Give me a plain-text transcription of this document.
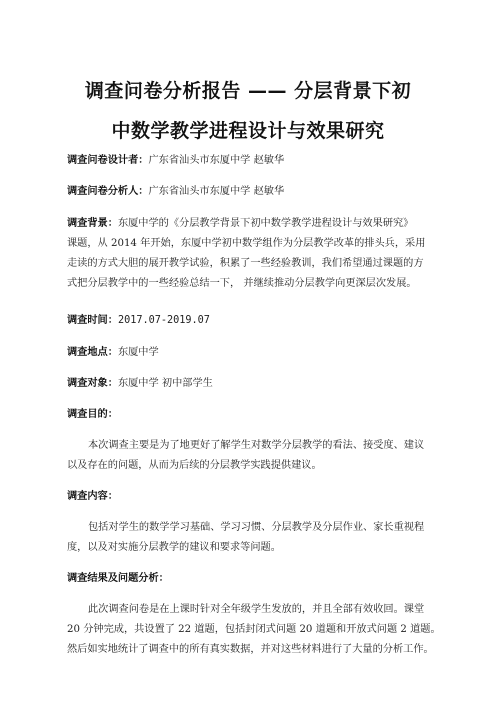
调查问卷分析报告 —— 分层背景下初
中数学教学进程设计与效果研究
调查问卷设计者：广东省汕头市东厦中学 赵敏华
调查问卷分析人：广东省汕头市东厦中学 赵敏华
调查背景：东厦中学的《分层教学背景下初中数学教学进程设计与效果研究》
课题，从 2014 年开始，东厦中学初中数学组作为分层教学改革的排头兵，采用
走读的方式大胆的展开教学试验，积累了一些经验教训，我们希望通过课题的方
式把分层教学中的一些经验总结一下， 并继续推动分层教学向更深层次发展。
调查时间：2017.07-2019.07
调查地点：东厦中学
调查对象：东厦中学 初中部学生
调查目的：
本次调查主要是为了地更好了解学生对数学分层教学的看法、接受度、建议
以及存在的问题，从而为后续的分层教学实践提供建议。
调查内容：
包括对学生的数学学习基础、学习习惯、分层教学及分层作业、家长重视程
度，以及对实施分层教学的建议和要求等问题。
调查结果及问题分析：
此次调查问卷是在上课时针对全年级学生发放的，并且全部有效收回。课堂
20 分钟完成，共设置了 22 道题，包括封闭式问题 20 道题和开放式问题 2 道题。
然后如实地统计了调查中的所有真实数据，并对这些材料进行了大量的分析工作。
